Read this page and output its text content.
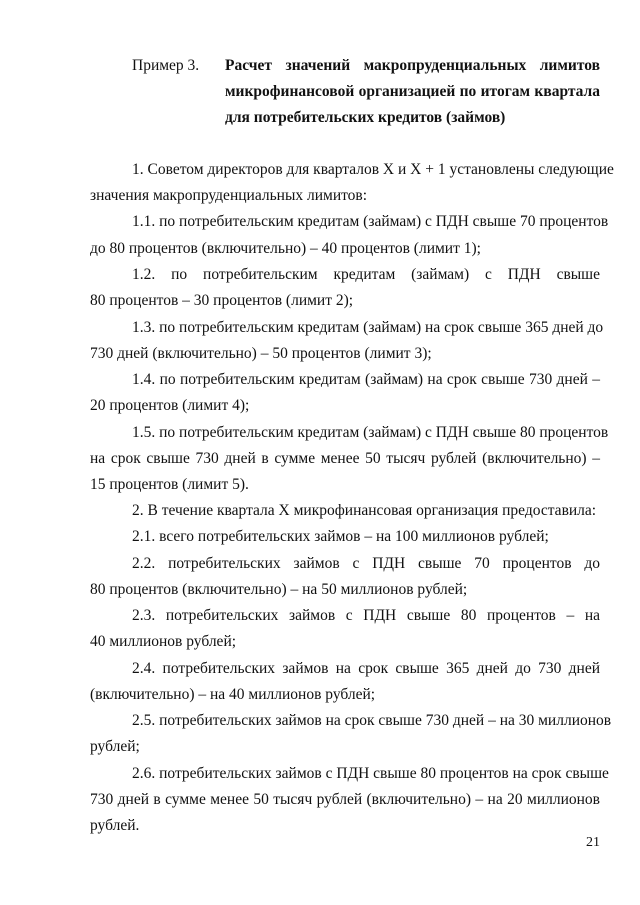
Пример 3. Расчет значений макропруденциальных лимитов
микрофинансовой организацией по итогам квартала
для потребительских кредитов (займов)
1. Советом директоров для кварталов X и X + 1 установлены следующие
значения макропруденциальных лимитов:
1.1. по потребительским кредитам (займам) с ПДН свыше 70 процентов
до 80 процентов (включительно) – 40 процентов (лимит 1);
1.2. по потребительским кредитам (займам) с ПДН свыше
80 процентов – 30 процентов (лимит 2);
1.3. по потребительским кредитам (займам) на срок свыше 365 дней до
730 дней (включительно) – 50 процентов (лимит 3);
1.4. по потребительским кредитам (займам) на срок свыше 730 дней –
20 процентов (лимит 4);
1.5. по потребительским кредитам (займам) с ПДН свыше 80 процентов
на срок свыше 730 дней в сумме менее 50 тысяч рублей (включительно) –
15 процентов (лимит 5).
2. В течение квартала X микрофинансовая организация предоставила:
2.1. всего потребительских займов – на 100 миллионов рублей;
2.2. потребительских займов с ПДН свыше 70 процентов до
80 процентов (включительно) – на 50 миллионов рублей;
2.3. потребительских займов с ПДН свыше 80 процентов – на
40 миллионов рублей;
2.4. потребительских займов на срок свыше 365 дней до 730 дней
(включительно) – на 40 миллионов рублей;
2.5. потребительских займов на срок свыше 730 дней – на 30 миллионов
рублей;
2.6. потребительских займов с ПДН свыше 80 процентов на срок свыше
730 дней в сумме менее 50 тысяч рублей (включительно) – на 20 миллионов
рублей.
21
